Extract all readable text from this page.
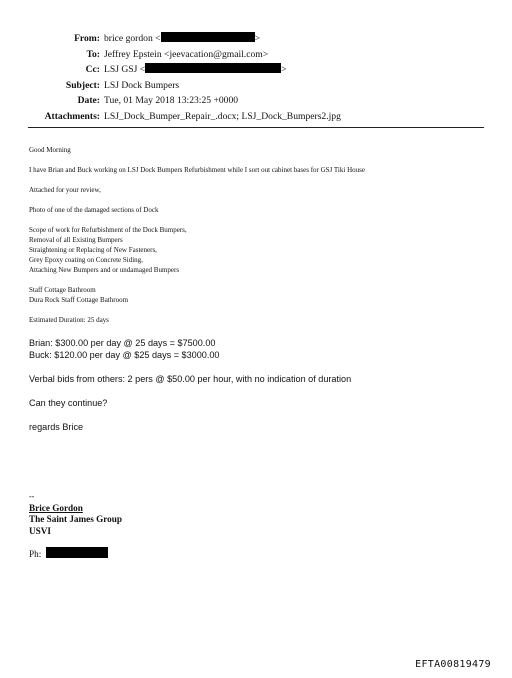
From: brice gordon <	>
To: Jeffrey Epstein <jeevacation@gmail.com>
Cc: LSJ GSJ <	>
Subject: LSJ Dock Bumpers
Date: Tue, 01 May 2018 13:23:25 +0000
Attachments: LSJ_Dock_Bumper_Repair_.docx; LSJ_Dock_Bumpers2.jpg

Good Morning

I have Brian and Buck working on LSJ Dock Bumpers Refurbishment while I sort out cabinet bases for GSJ Tiki House

Attached for your review,

Photo of one of the damaged sections of Dock

Scope of work for Refurbishment of the Dock Bumpers,
Removal of all Existing Bumpers
Straightening or Replacing of New Fasteners,
Grey Epoxy coating on Concrete Siding,
Attaching New Bumpers and or undamaged Bumpers
Staff Cottage Bathroom
Dura Rock Staff Cottage Bathroom

Estimated Duration: 25 days

Brian: $300.00 per day @ 25 days = $7500.00
Buck: $120.00 per day @ $25 days = $3000.00
Verbal bids from others: 2 pers @ $50.00 per hour, with no indication of duration
Can they continue?
regards Brice
--
Brice Gordon
The Saint James Group
USVI
Ph:
EFTA00819479
